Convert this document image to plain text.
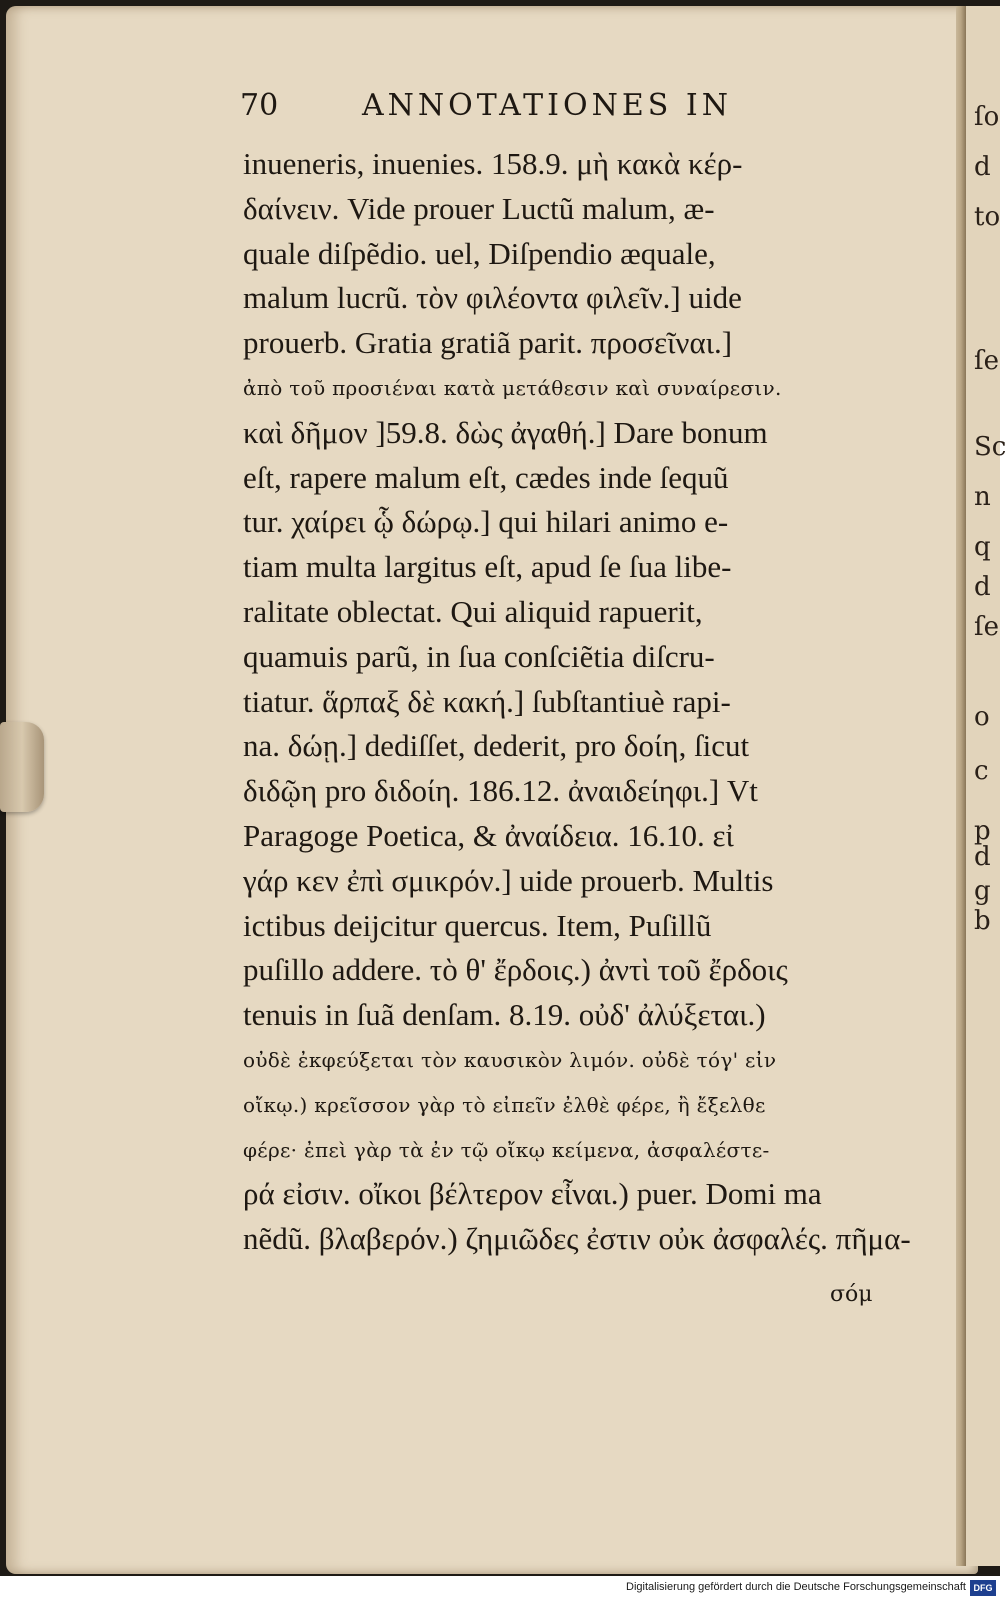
ſo
d
to
ſe
Sc
n
q
d
ſe
o
c
p
d
g
b
70	ANNOTATIONES IN
inueneris, inuenies. 158.9. μὴ κακὰ κέρ-
δαίνειν. Vide prouer Luctũ malum, æ-
quale diſpẽdio. uel, Diſpendio æquale,
malum lucrũ. τὸν φιλέοντα φιλεῖν.] uide
prouerb. Gratia gratiã parit. προσεῖναι.]
ἀπὸ τοῦ προσιέναι κατὰ μετάθεσιν καὶ συναίρεσιν.
καὶ δῆμον ]59.8. δὼς ἀγαθή.] Dare bonum
eſt, rapere malum eſt, cædes inde ſequũ
tur. χαίρει ᾧ δώρῳ.] qui hilari animo e-
tiam multa largitus eſt, apud ſe ſua libe-
ralitate oblectat. Qui aliquid rapuerit,
quamuis parũ, in ſua conſciẽtia diſcru-
tiatur. ἅρπαξ δὲ κακή.] ſubſtantiuè rapi-
na. δώῃ.] dediſſet, dederit, pro δοίη, ſicut
διδῷη pro διδοίη. 186.12. ἀναιδείηφι.] Vt
Paragoge Poetica, & ἀναίδεια. 16.10. εἰ
γάρ κεν ἐπὶ σμικρόν.] uide prouerb. Multis
ictibus deijcitur quercus. Item, Puſillũ
puſillo addere. τὸ θ' ἔρδοις.) ἀντὶ τοῦ ἔρδοις
tenuis in ſuã denſam. 8.19. οὐδ' ἀλύξεται.)
οὐδὲ ἐκφεύξεται τὸν καυσικὸν λιμόν. οὐδὲ τόγ' εἰν
οἴκῳ.) κρεῖσσον γὰρ τὸ εἰπεῖν ἐλθὲ φέρε, ἢ ἔξελθε
φέρε· ἐπεὶ γὰρ τὰ ἐν τῷ οἴκῳ κείμενα, ἀσφαλέστε-
ρά εἰσιν. οἴκοι βέλτερον εἶναι.) puer. Domi ma
nẽdũ. βλαβερόν.) ζημιῶδες ἐστιν οὐκ ἀσφαλές. πῆμα-
σόμ
Digitalisierung gefördert durch die Deutsche Forschungsgemeinschaft DFG
